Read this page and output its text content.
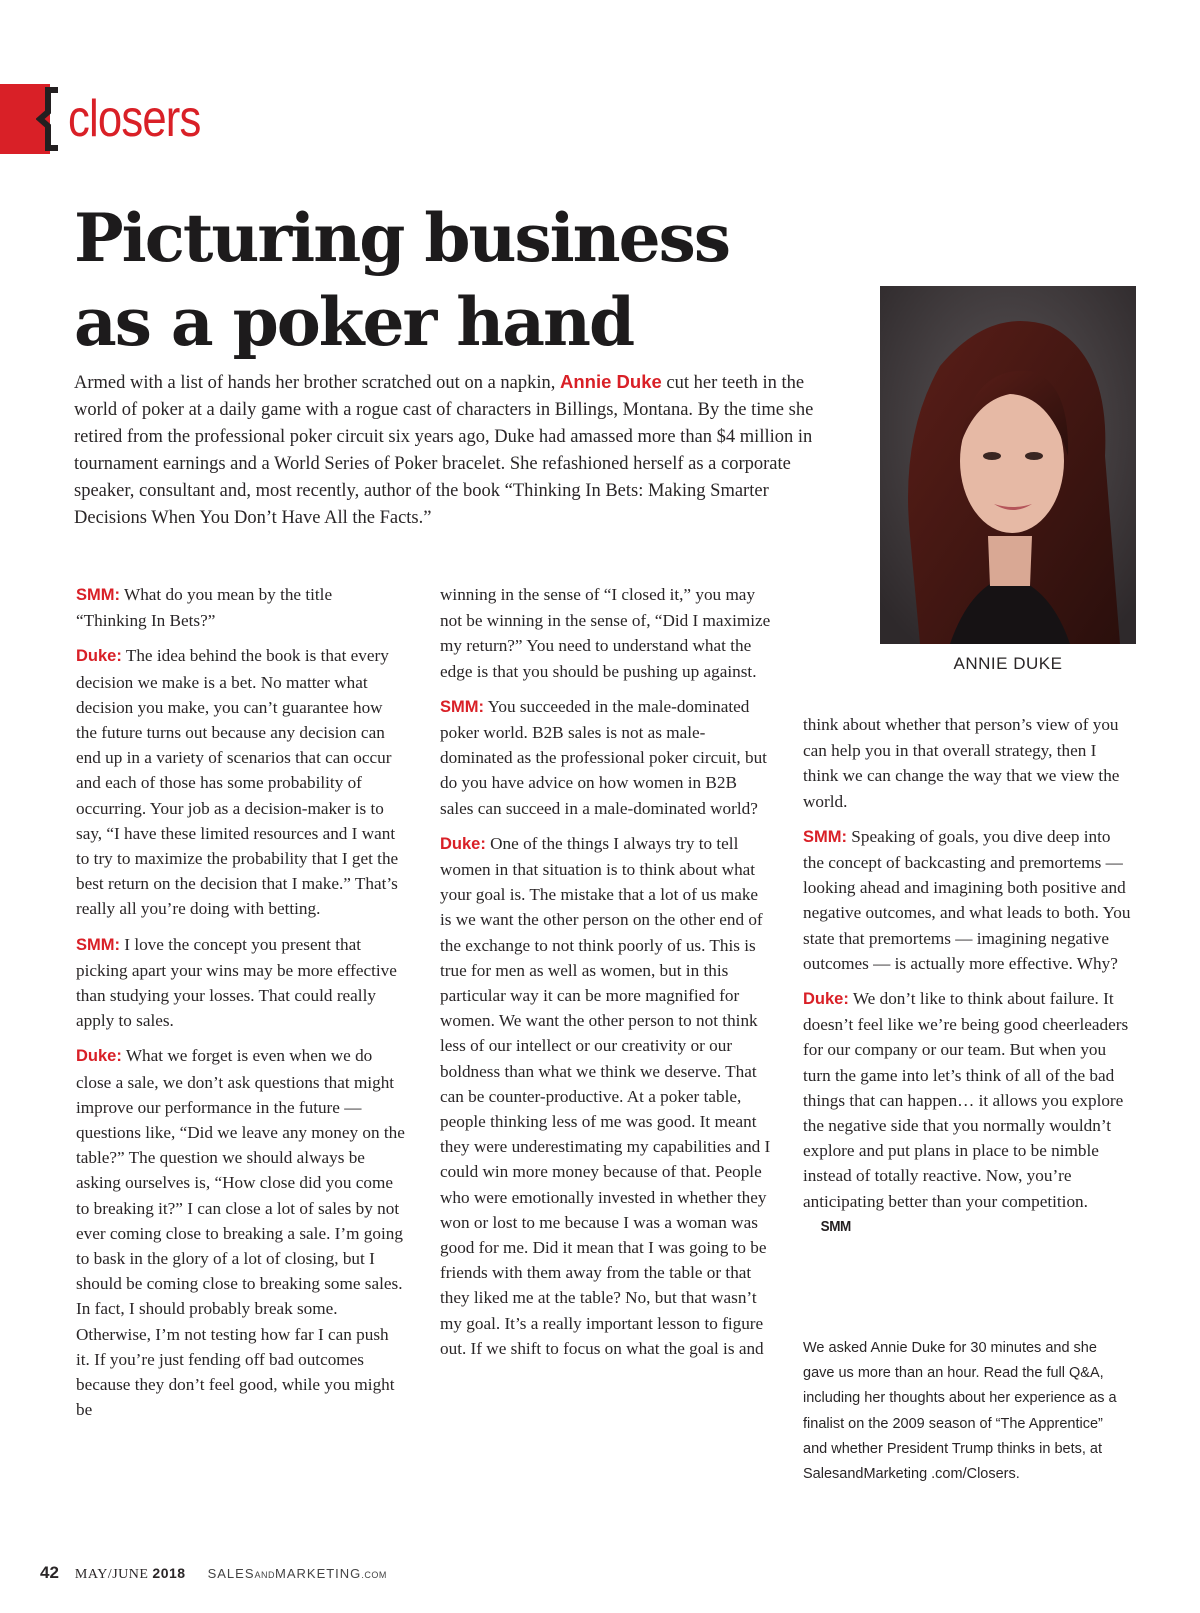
closers
Picturing business
as a poker hand

Armed with a list of hands her brother scratched out on a napkin, Annie Duke cut her teeth in the world of poker at a daily game with a rogue cast of characters in Billings, Montana. By the time she retired from the professional poker circuit six years ago, Duke had amassed more than $4 million in tournament earnings and a World Series of Poker bracelet. She refashioned herself as a corporate speaker, consultant and, most recently, author of the book “Thinking In Bets: Making Smarter Decisions When You Don’t Have All the Facts.”

ANNIE DUKE

SMM: What do you mean by the title “Thinking In Bets?”

Duke: The idea behind the book is that every decision we make is a bet. No matter what decision you make, you can’t guarantee how the future turns out because any decision can end up in a variety of scenarios that can occur and each of those has some probability of occurring. Your job as a decision-maker is to say, “I have these limited resources and I want to try to maximize the probability that I get the best return on the decision that I make.” That’s really all you’re doing with betting.

SMM: I love the concept you present that picking apart your wins may be more effective than studying your losses. That could really apply to sales.

Duke: What we forget is even when we do close a sale, we don’t ask questions that might improve our performance in the future — questions like, “Did we leave any money on the table?” The question we should always be asking ourselves is, “How close did you come to breaking it?” I can close a lot of sales by not ever coming close to breaking a sale. I’m going to bask in the glory of a lot of closing, but I should be coming close to breaking some sales. In fact, I should probably break some. Otherwise, I’m not testing how far I can push it. If you’re just fending off bad outcomes because they don’t feel good, while you might be

winning in the sense of “I closed it,” you may not be winning in the sense of, “Did I maximize my return?” You need to understand what the edge is that you should be pushing up against.

SMM: You succeeded in the male-dominated poker world. B2B sales is not as male-dominated as the professional poker circuit, but do you have advice on how women in B2B sales can succeed in a male-dominated world?

Duke: One of the things I always try to tell women in that situation is to think about what your goal is. The mistake that a lot of us make is we want the other person on the other end of the exchange to not think poorly of us. This is true for men as well as women, but in this particular way it can be more magnified for women. We want the other person to not think less of our intellect or our creativity or our boldness than what we think we deserve. That can be counter-productive. At a poker table, people thinking less of me was good. It meant they were underestimating my capabilities and I could win more money because of that. People who were emotionally invested in whether they won or lost to me because I was a woman was good for me. Did it mean that I was going to be friends with them away from the table or that they liked me at the table? No, but that wasn’t my goal. It’s a really important lesson to figure out. If we shift to focus on what the goal is and

think about whether that person’s view of you can help you in that overall strategy, then I think we can change the way that we view the world.

SMM: Speaking of goals, you dive deep into the concept of backcasting and premortems — looking ahead and imagining both positive and negative outcomes, and what leads to both. You state that premortems — imagining negative outcomes — is actually more effective. Why?

Duke: We don’t like to think about failure. It doesn’t feel like we’re being good cheerleaders for our company or our team. But when you turn the game into let’s think of all of the bad things that can happen… it allows you explore the negative side that you normally wouldn’t explore and put plans in place to be nimble instead of totally reactive. Now, you’re anticipating better than your competition.SMM

We asked Annie Duke for 30 minutes and she gave us more than an hour. Read the full Q&A, including her thoughts about her experience as a finalist on the 2009 season of “The Apprentice” and whether President Trump thinks in bets, at SalesandMarketing .com/Closers.

42 MAY/JUNE 2018 SALESANDMARKETING.COM
